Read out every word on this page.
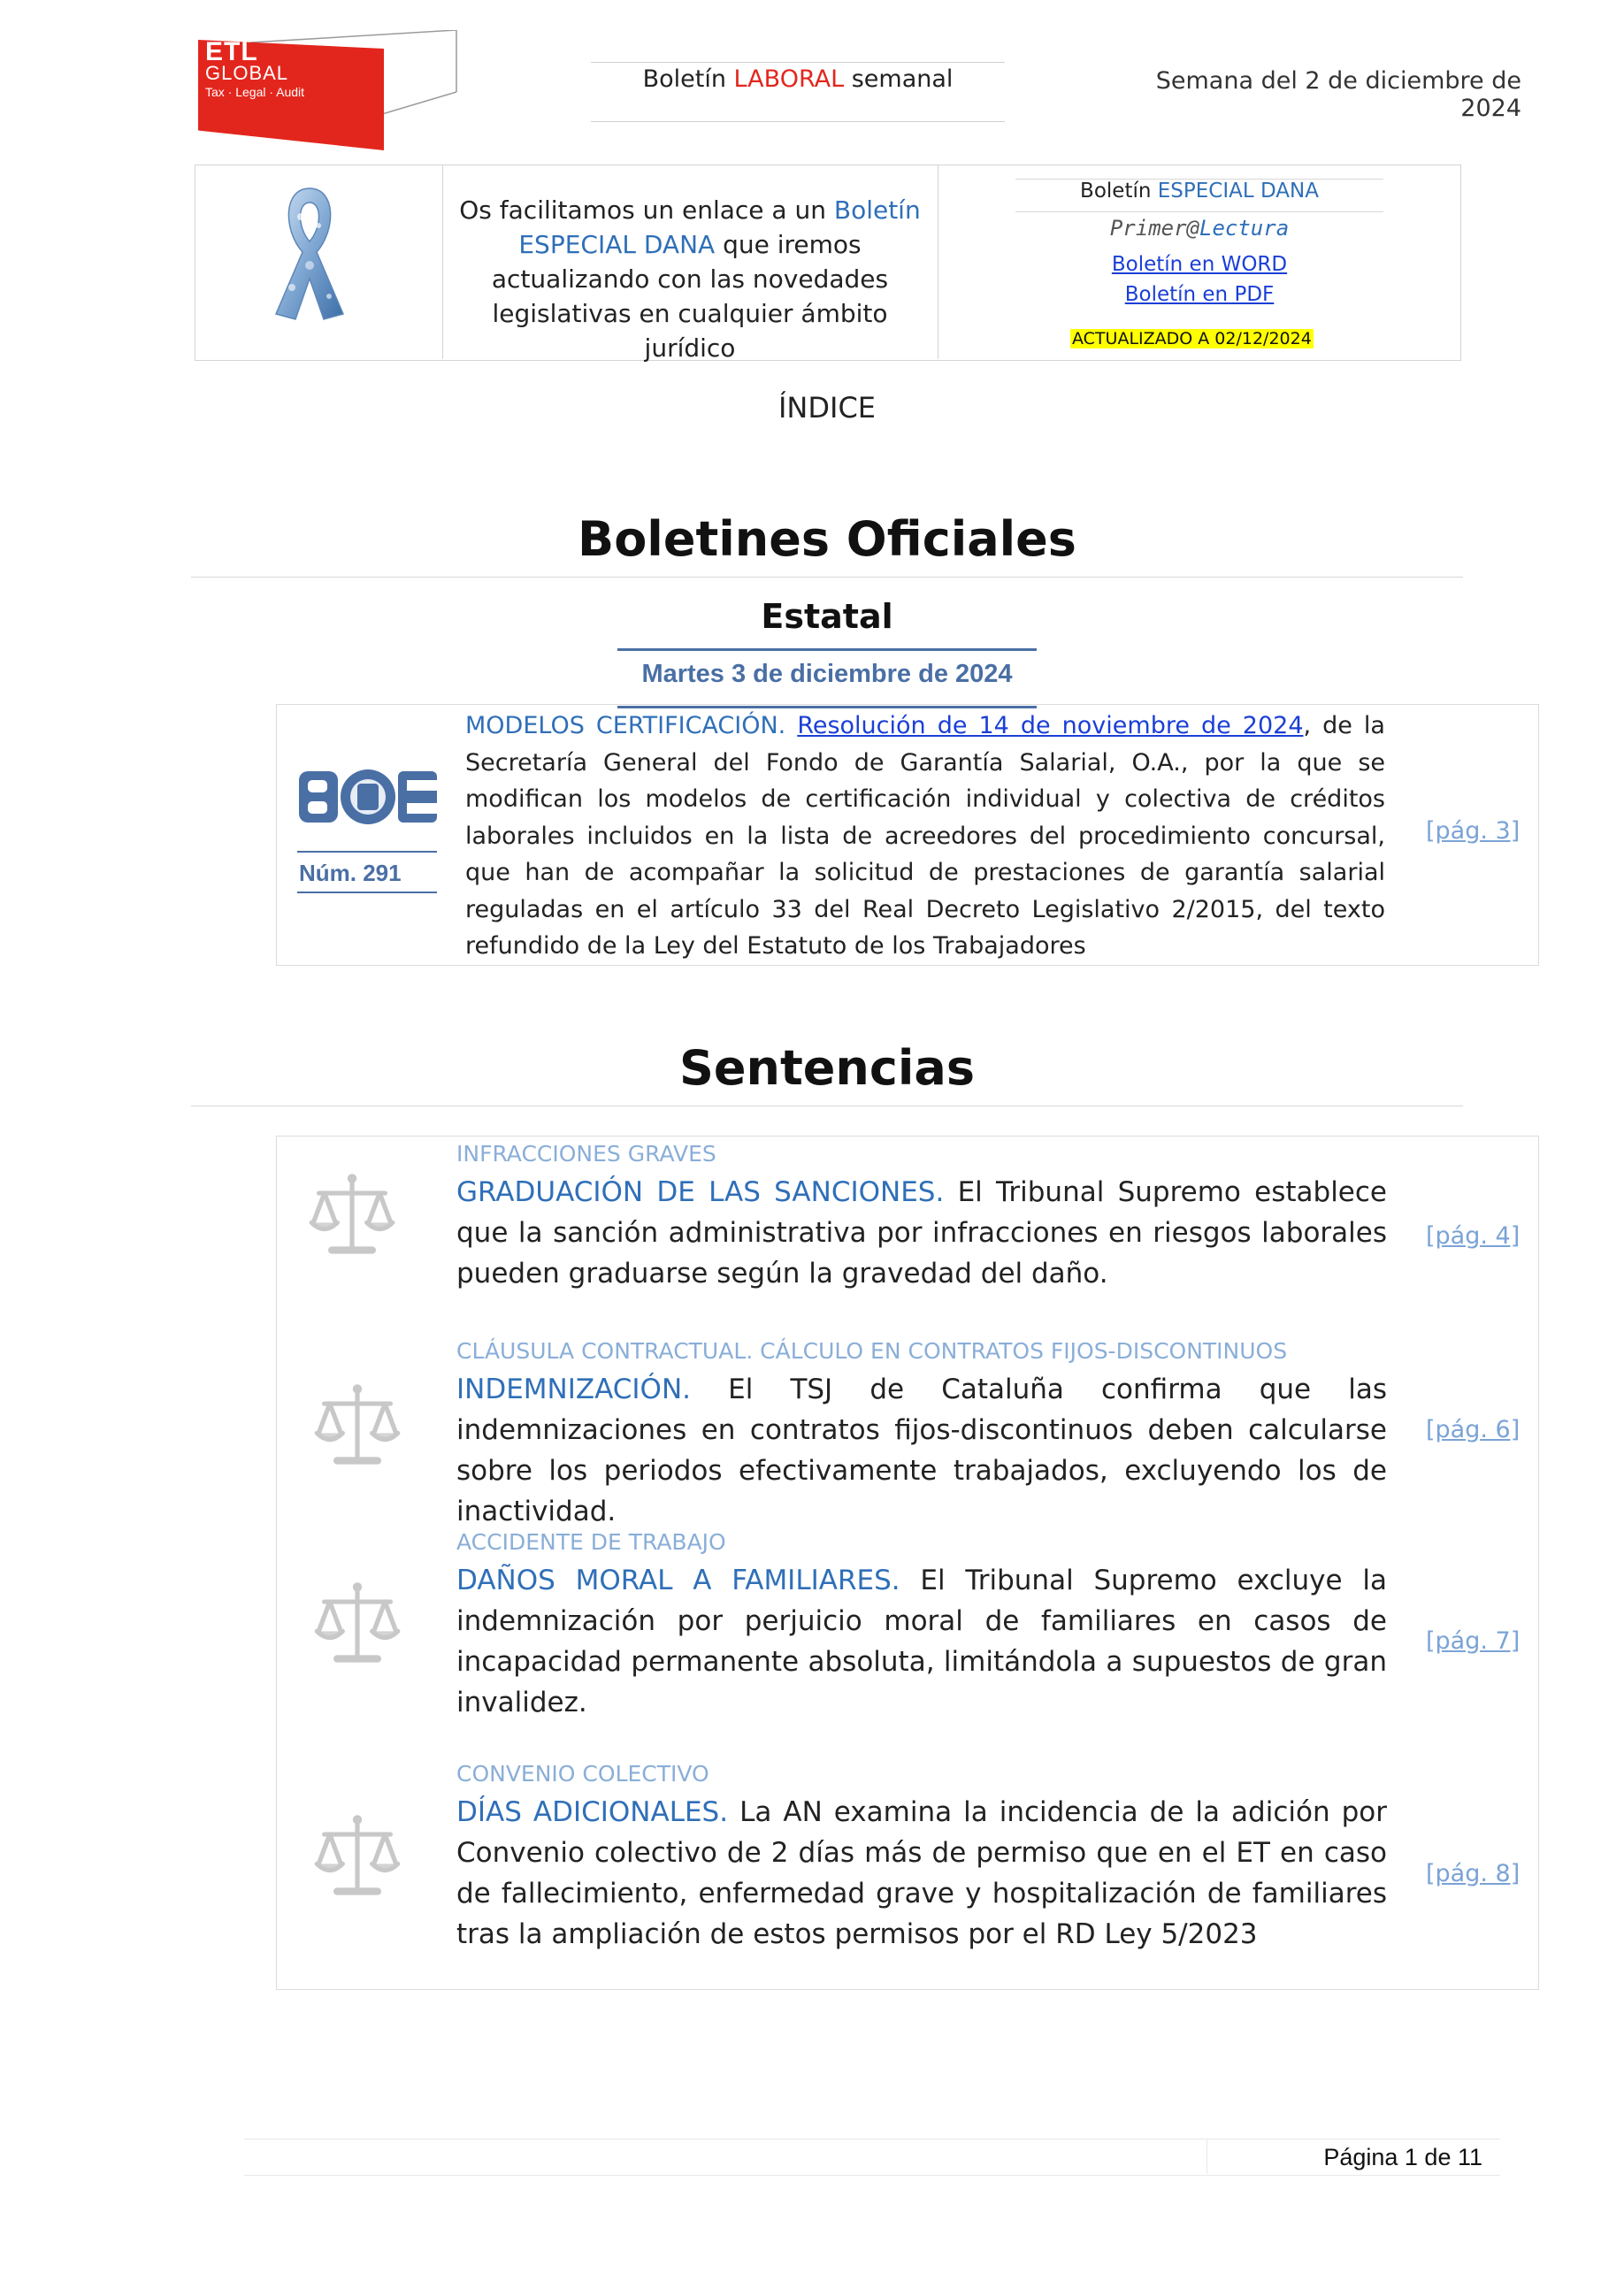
ETL
GLOBAL
Tax · Legal · Audit	Boletín LABORAL semanal	Semana del 2 de diciembre de 2024
Os facilitamos un enlace a un Boletín ESPECIAL DANA que iremos actualizando con las novedades legislativas en cualquier ámbito jurídico
Boletín ESPECIAL DANA
Primer@Lectura
Boletín en WORD
Boletín en PDF
ACTUALIZADO A 02/12/2024
ÍNDICE
Boletines Oficiales
Estatal
Martes 3 de diciembre de 2024
Núm. 291
MODELOS CERTIFICACIÓN. Resolución de 14 de noviembre de 2024, de la Secretaría General del Fondo de Garantía Salarial, O.A., por la que se modifican los modelos de certificación individual y colectiva de créditos laborales incluidos en la lista de acreedores del procedimiento concursal, que han de acompañar la solicitud de prestaciones de garantía salarial reguladas en el artículo 33 del Real Decreto Legislativo 2/2015, del texto refundido de la Ley del Estatuto de los Trabajadores
[pág. 3]
Sentencias
INFRACCIONES GRAVES
GRADUACIÓN DE LAS SANCIONES. El Tribunal Supremo establece que la sanción administrativa por infracciones en riesgos laborales pueden graduarse según la gravedad del daño.
[pág. 4]
CLÁUSULA CONTRACTUAL. CÁLCULO EN CONTRATOS FIJOS-DISCONTINUOS
INDEMNIZACIÓN. El TSJ de Cataluña confirma que las indemnizaciones en contratos fijos-discontinuos deben calcularse sobre los periodos efectivamente trabajados, excluyendo los de inactividad.
[pág. 6]
ACCIDENTE DE TRABAJO
DAÑOS MORAL A FAMILIARES. El Tribunal Supremo excluye la indemnización por perjuicio moral de familiares en casos de incapacidad permanente absoluta, limitándola a supuestos de gran invalidez.
[pág. 7]
CONVENIO COLECTIVO
DÍAS ADICIONALES. La AN examina la incidencia de la adición por Convenio colectivo de 2 días más de permiso que en el ET en caso de fallecimiento, enfermedad grave y hospitalización de familiares tras la ampliación de estos permisos por el RD Ley 5/2023
[pág. 8]
Página 1 de 11
